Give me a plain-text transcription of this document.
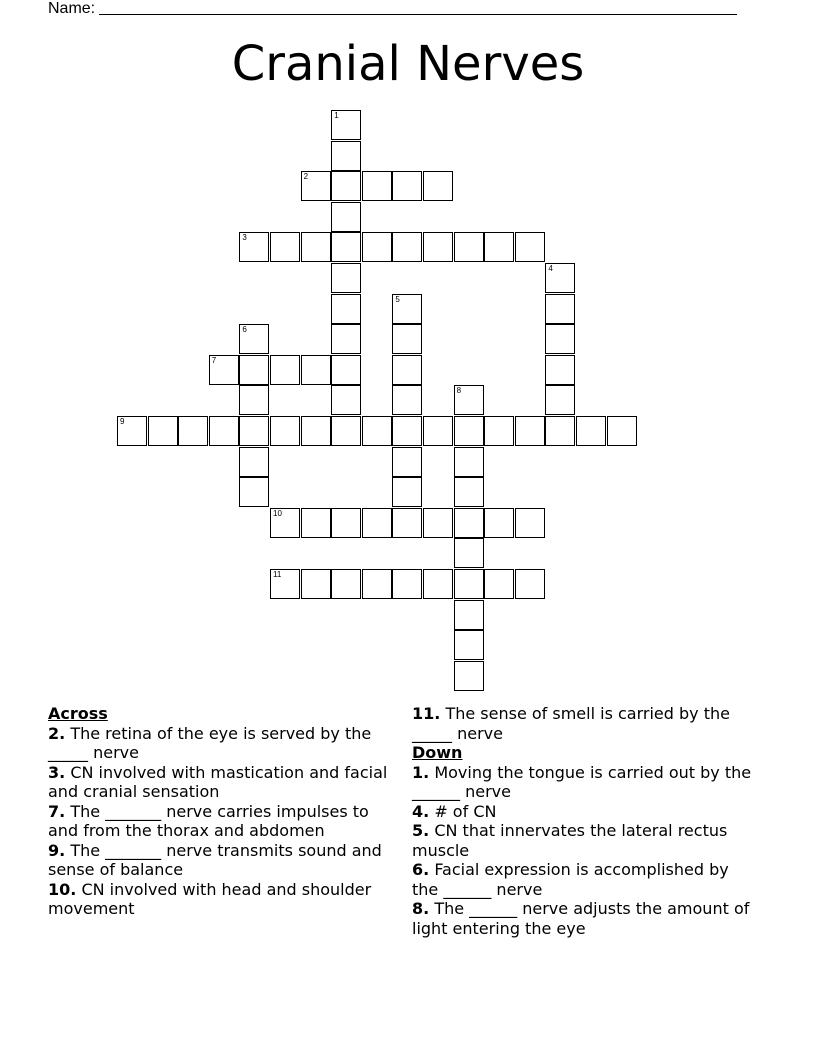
Name:
Cranial Nerves
1
2
3
4
5
6
7
8
9
10
11
Across
2. The retina of the eye is served by the _____ nerve
3. CN involved with mastication and facial and cranial sensation
7. The _______ nerve carries impulses to and from the thorax and abdomen
9. The _______ nerve transmits sound and sense of balance
10. CN involved with head and shoulder movement
11. The sense of smell is carried by the _____ nerve
Down
1. Moving the tongue is carried out by the ______ nerve
4. # of CN
5. CN that innervates the lateral rectus muscle
6. Facial expression is accomplished by the ______ nerve
8. The ______ nerve adjusts the amount of light entering the eye
